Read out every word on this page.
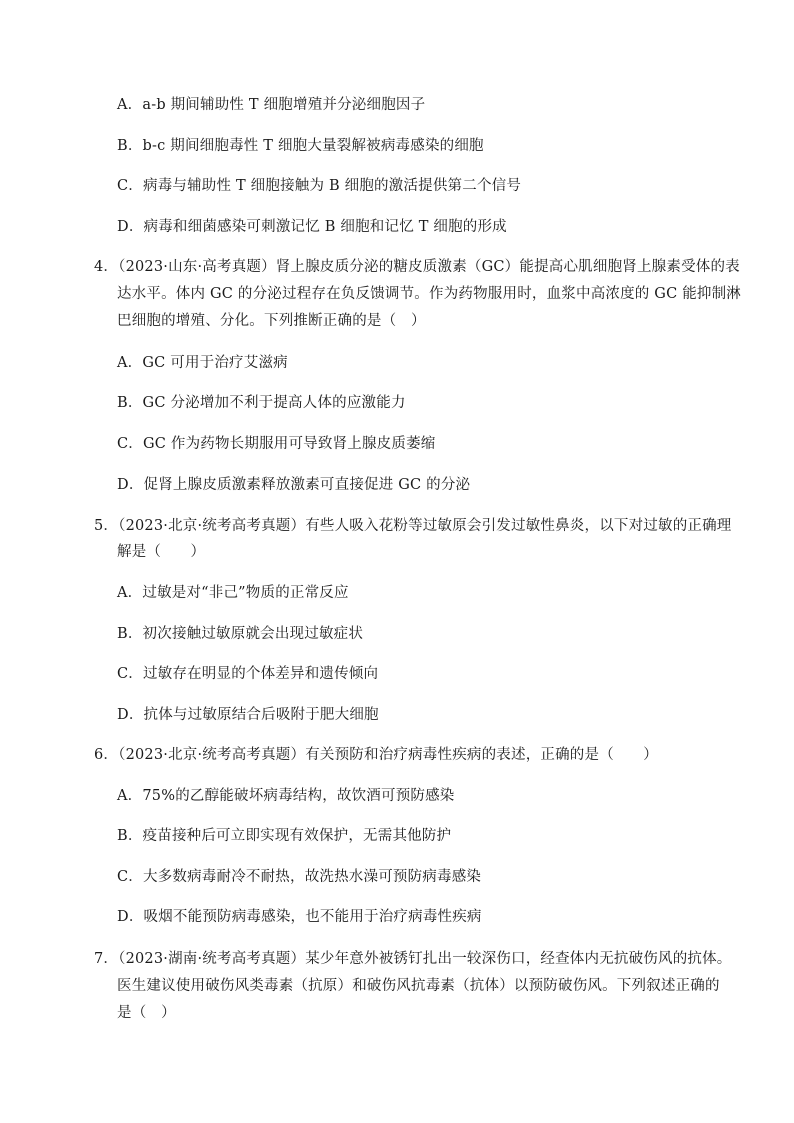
A．a-b 期间辅助性 T 细胞增殖并分泌细胞因子
B．b-c 期间细胞毒性 T 细胞大量裂解被病毒感染的细胞
C．病毒与辅助性 T 细胞接触为 B 细胞的激活提供第二个信号
D．病毒和细菌感染可刺激记忆 B 细胞和记忆 T 细胞的形成
4．（2023·山东·高考真题）肾上腺皮质分泌的糖皮质激素（GC）能提高心肌细胞肾上腺素受体的表
达水平。体内 GC 的分泌过程存在负反馈调节。作为药物服用时，血浆中高浓度的 GC 能抑制淋
巴细胞的增殖、分化。下列推断正确的是（　）
A．GC 可用于治疗艾滋病
B．GC 分泌增加不利于提高人体的应激能力
C．GC 作为药物长期服用可导致肾上腺皮质萎缩
D．促肾上腺皮质激素释放激素可直接促进 GC 的分泌
5．（2023·北京·统考高考真题）有些人吸入花粉等过敏原会引发过敏性鼻炎，以下对过敏的正确理
解是（　　）
A．过敏是对“非己”物质的正常反应
B．初次接触过敏原就会出现过敏症状
C．过敏存在明显的个体差异和遗传倾向
D．抗体与过敏原结合后吸附于肥大细胞
6．（2023·北京·统考高考真题）有关预防和治疗病毒性疾病的表述，正确的是（　　）
A．75%的乙醇能破坏病毒结构，故饮酒可预防感染
B．疫苗接种后可立即实现有效保护，无需其他防护
C．大多数病毒耐冷不耐热，故洗热水澡可预防病毒感染
D．吸烟不能预防病毒感染，也不能用于治疗病毒性疾病
7．（2023·湖南·统考高考真题）某少年意外被锈钉扎出一较深伤口，经查体内无抗破伤风的抗体。
医生建议使用破伤风类毒素（抗原）和破伤风抗毒素（抗体）以预防破伤风。下列叙述正确的
是（　）
